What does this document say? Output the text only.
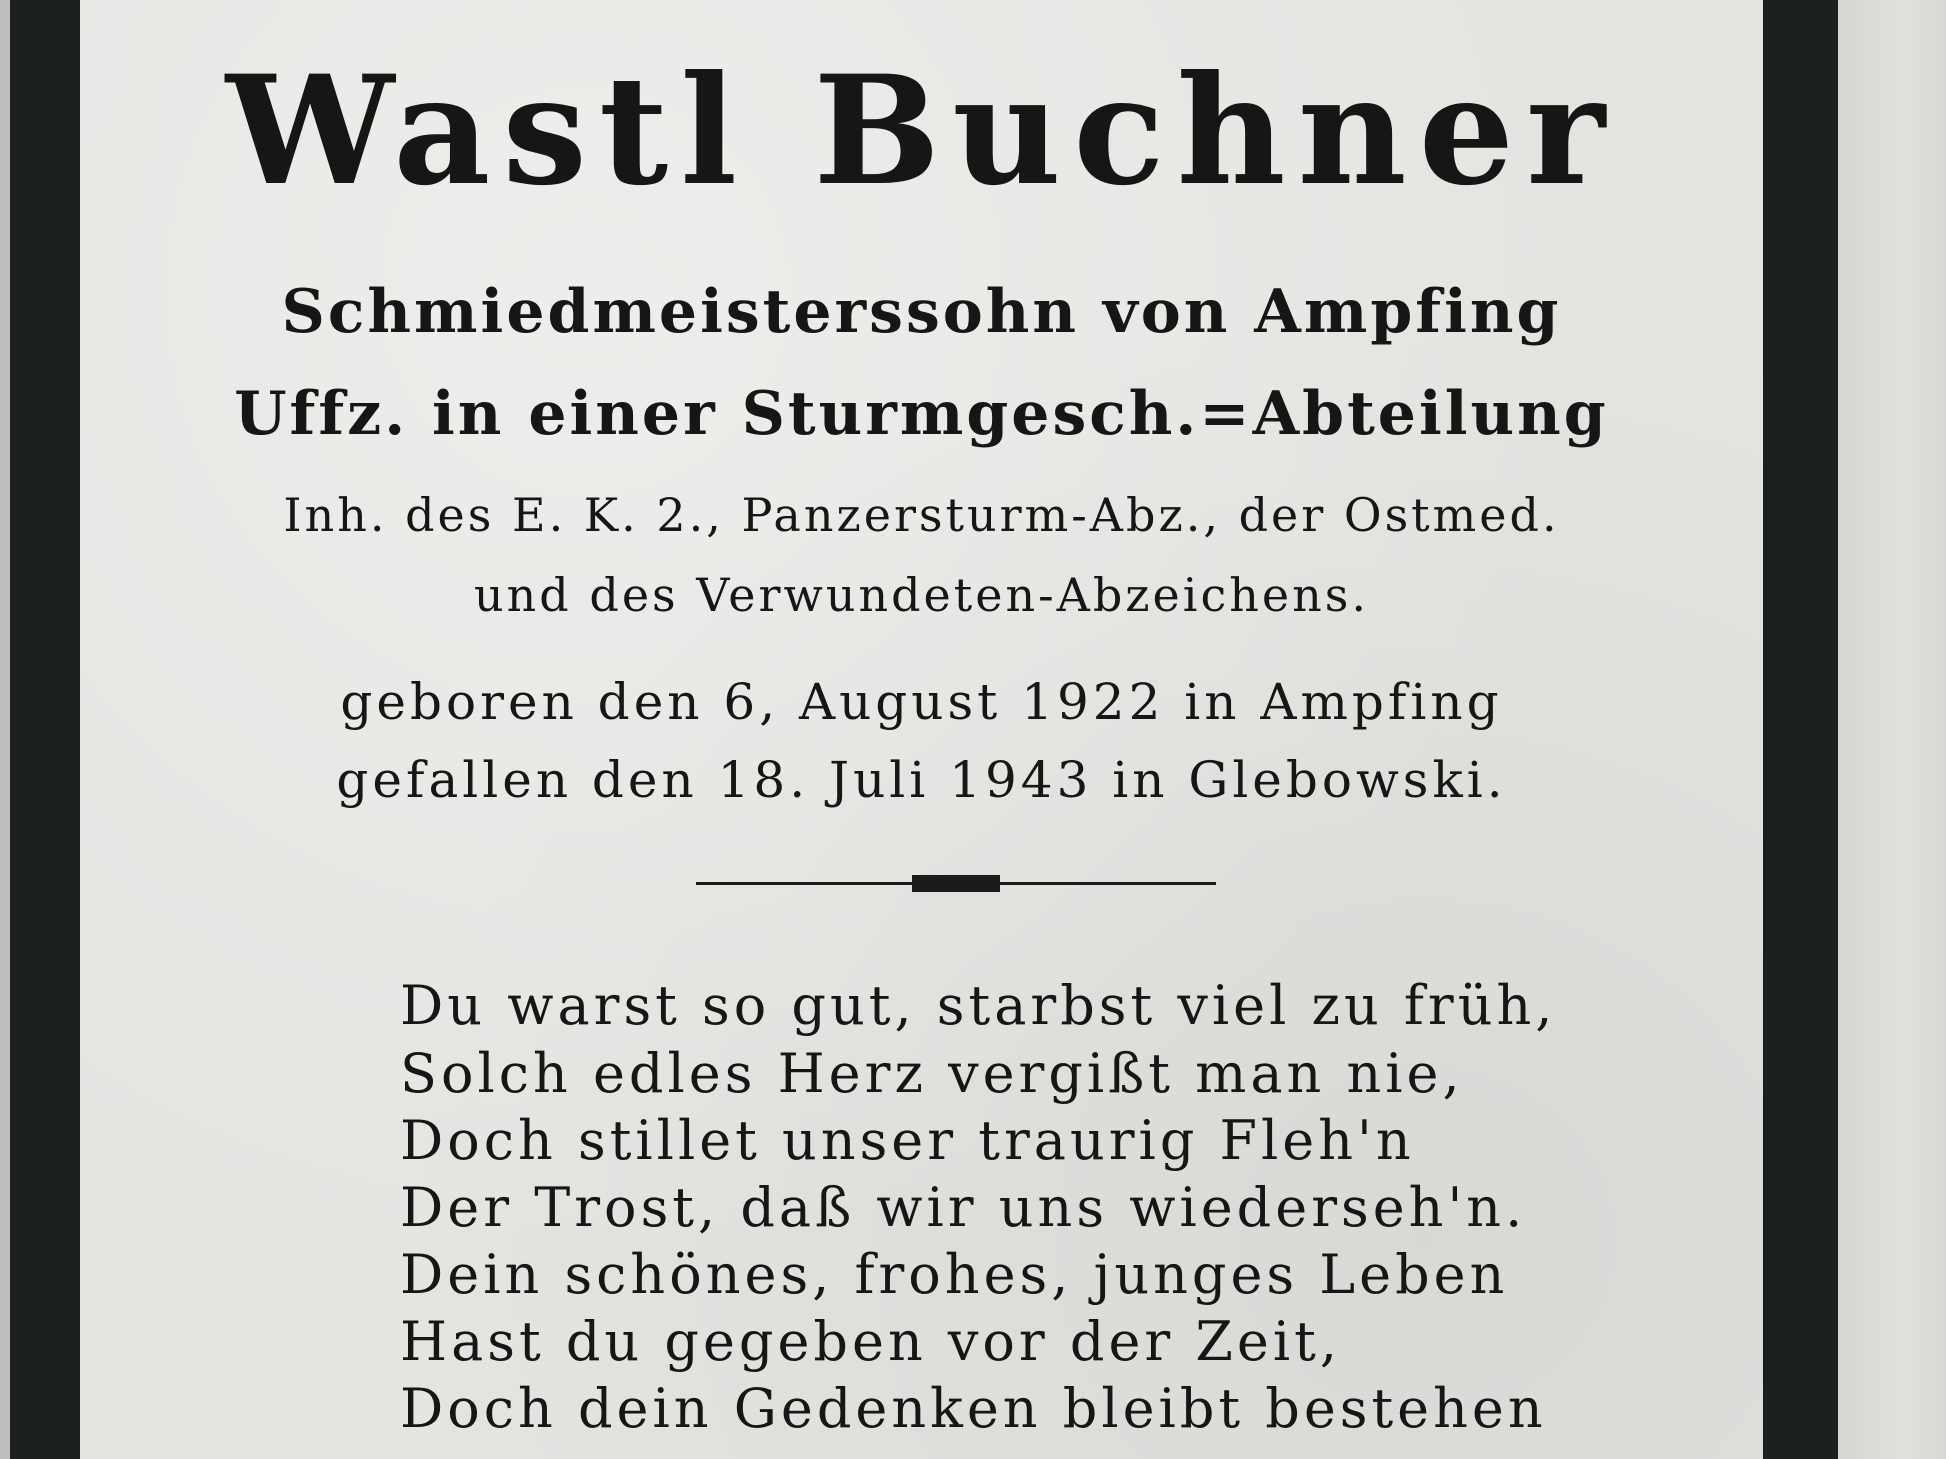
Wastl Buchner
Schmiedmeisterssohn von Ampfing
Uffz. in einer Sturmgesch.=Abteilung
Inh. des E. K. 2., Panzersturm-Abz., der Ostmed.
und des Verwundeten-Abzeichens.
geboren den 6, August 1922 in Ampfing
gefallen den 18. Juli 1943 in Glebowski.
Du warst so gut, starbst viel zu früh,
Solch edles Herz vergißt man nie,
Doch stillet unser traurig Fleh'n
Der Trost, daß wir uns wiederseh'n.
Dein schönes, frohes, junges Leben
Hast du gegeben vor der Zeit,
Doch dein Gedenken bleibt bestehen
